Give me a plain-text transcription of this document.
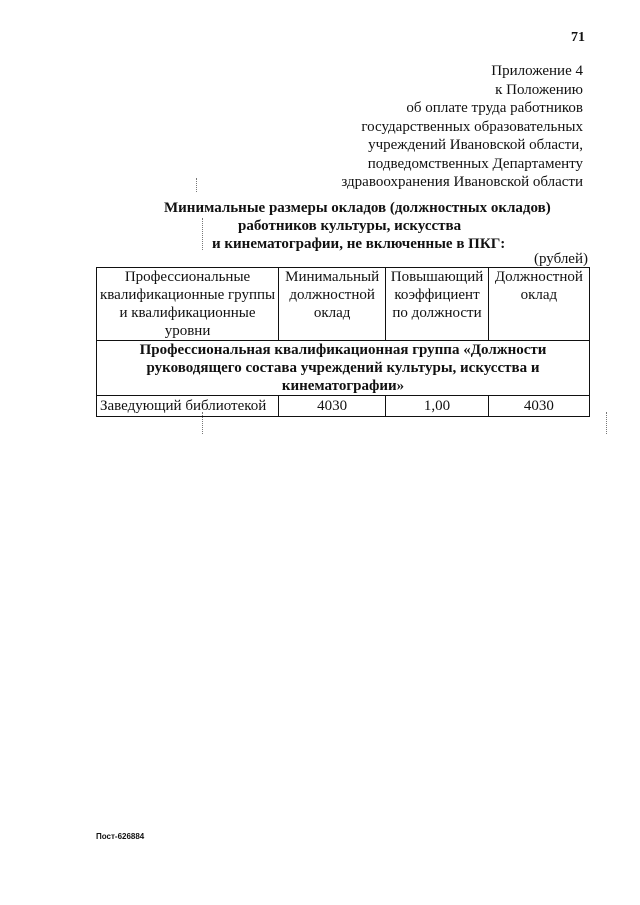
71
Приложение 4
к Положению
об оплате труда работников
государственных образовательных
учреждений Ивановской области,
подведомственных Департаменту
здравоохранения Ивановской области
Минимальные размеры окладов (должностных окладов)
работников культуры, искусства
и кинематографии, не включенные в ПКГ:
(рублей)
Профессиональные квалификационные группы и квалификационные уровни	Минимальный должностной оклад	Повышающий коэффициент по должности	Должностной оклад
Профессиональная квалификационная группа «Должности руководящего состава учреждений культуры, искусства и кинематографии»			
Заведующий библиотекой	4030	1,00	4030
Пост-626884
